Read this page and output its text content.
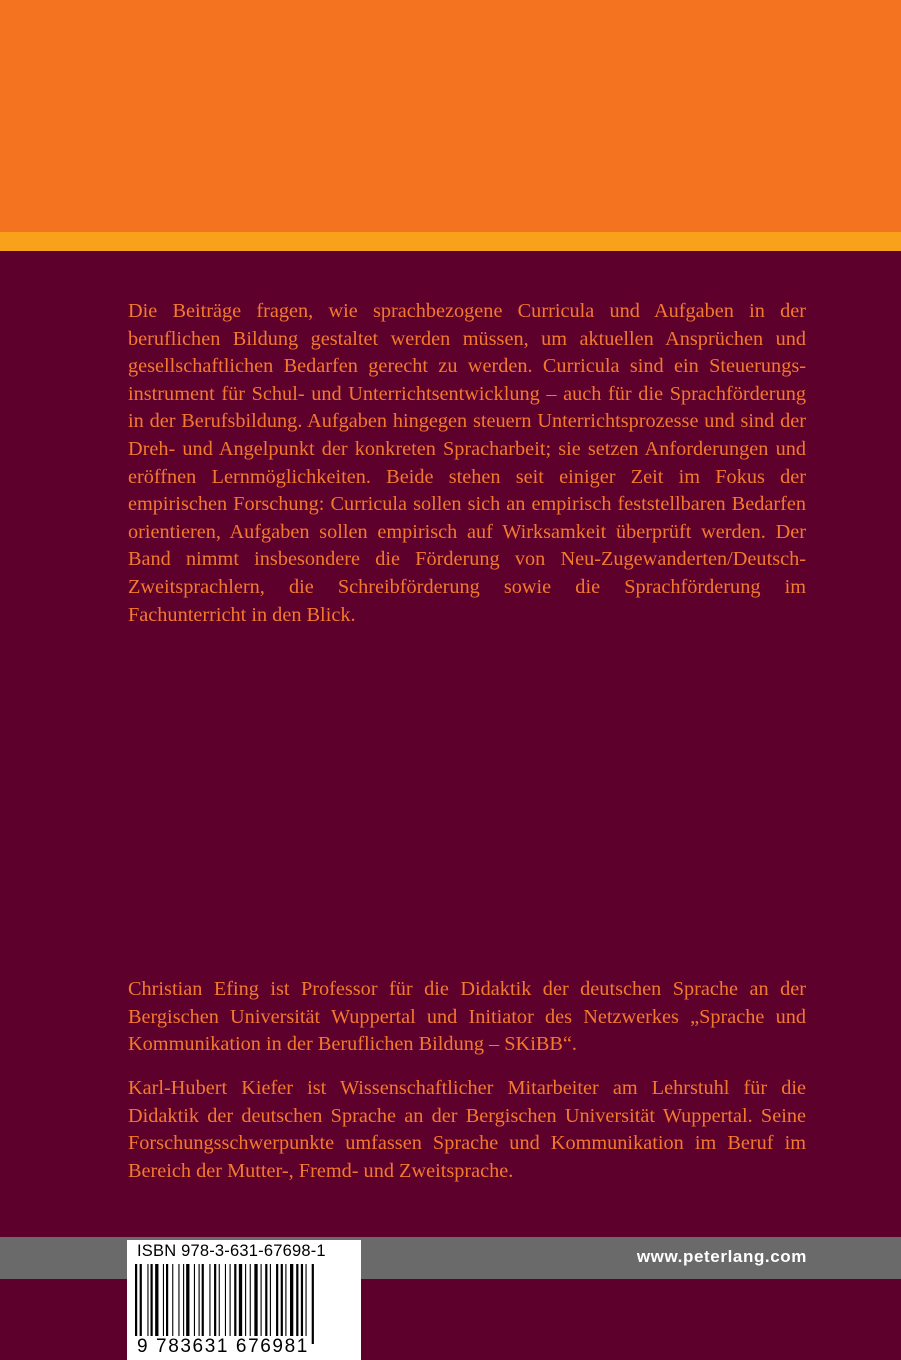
Die Beiträge fragen, wie sprachbezogene Curricula und Aufgaben in der beruflichen Bildung gestaltet werden müssen, um aktuellen Ansprüchen und gesellschaftlichen Bedarfen gerecht zu werden. Curricula sind ein Steuerungsinstrument für Schul- und Unterrichtsentwicklung – auch für die Sprachförderung in der Berufsbildung. Aufgaben hingegen steuern Unterrichtsprozesse und sind der Dreh- und Angelpunkt der konkreten Spracharbeit; sie setzen Anforderungen und eröffnen Lernmöglichkeiten. Beide stehen seit einiger Zeit im Fokus der empirischen Forschung: Curricula sollen sich an empirisch feststellbaren Bedarfen orientieren, Aufgaben sollen empirisch auf Wirksamkeit überprüft werden. Der Band nimmt insbesondere die Förderung von Neu-Zugewanderten/Deutsch-Zweitsprachlern, die Schreibförderung sowie die Sprachförderung im Fachunterricht in den Blick.

Christian Efing ist Professor für die Didaktik der deutschen Sprache an der Bergischen Universität Wuppertal und Initiator des Netzwerkes „Sprache und Kommunikation in der Beruflichen Bildung – SKiBB“.

Karl-Hubert Kiefer ist Wissenschaftlicher Mitarbeiter am Lehrstuhl für die Didaktik der deutschen Sprache an der Bergischen Universität Wuppertal. Seine Forschungsschwerpunkte umfassen Sprache und Kommunikation im Beruf im Bereich der Mutter-, Fremd- und Zweitsprache.

www.peterlang.com
ISBN 978-3-631-67698-1
9 783631 676981
